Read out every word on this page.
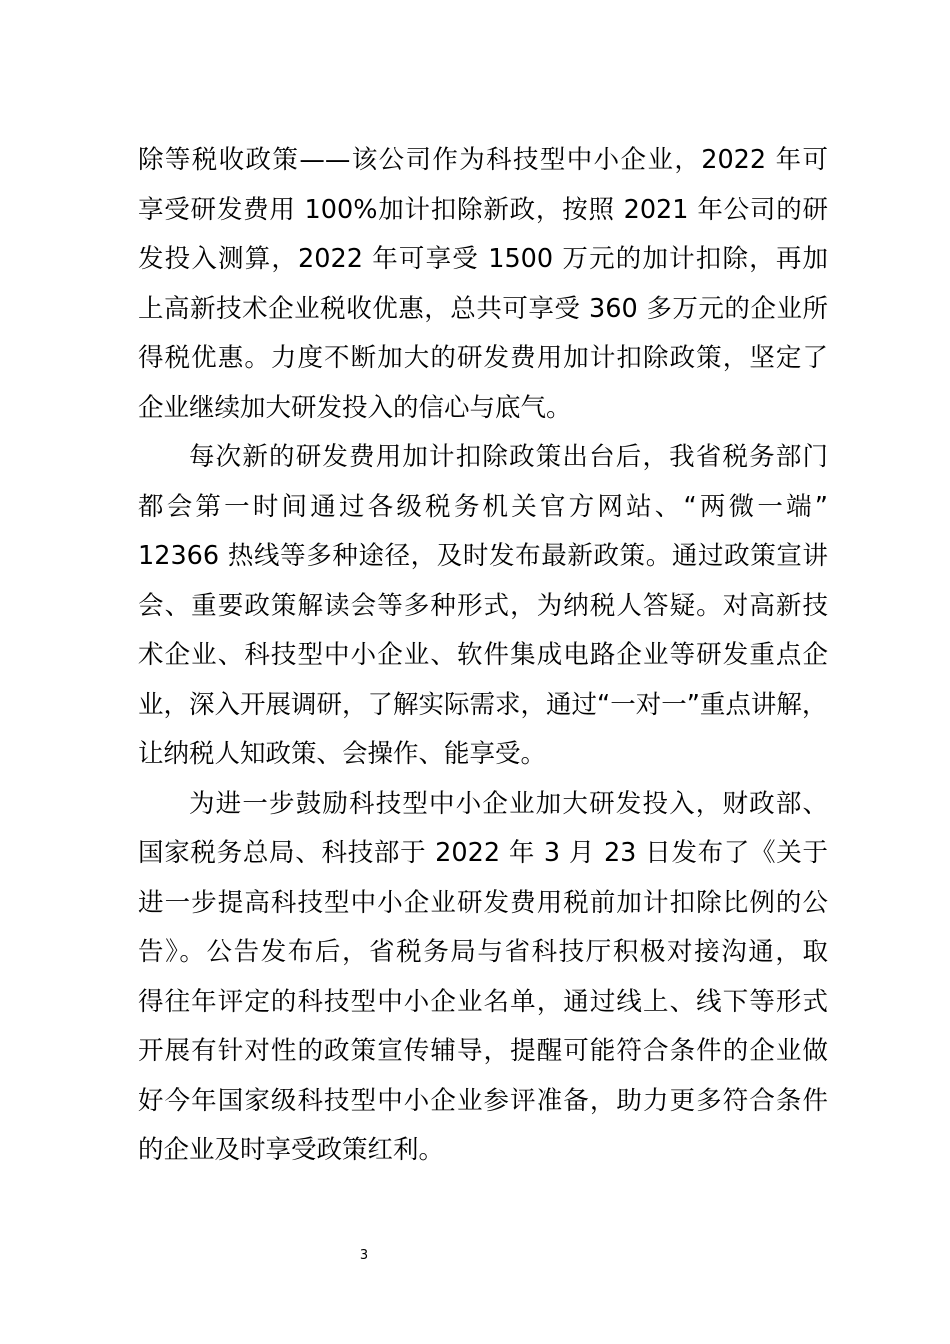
除等税收政策——该公司作为科技型中小企业，2022 年可
享受研发费用 100%加计扣除新政，按照 2021 年公司的研
发投入测算，2022 年可享受 1500 万元的加计扣除，再加
上高新技术企业税收优惠，总共可享受 360 多万元的企业所
得税优惠。力度不断加大的研发费用加计扣除政策，坚定了
企业继续加大研发投入的信心与底气。
每次新的研发费用加计扣除政策出台后，我省税务部门
都会第一时间通过各级税务机关官方网站、“两微一端”
12366 热线等多种途径，及时发布最新政策。通过政策宣讲
会、重要政策解读会等多种形式，为纳税人答疑。对高新技
术企业、科技型中小企业、软件集成电路企业等研发重点企
业，深入开展调研，了解实际需求，通过“一对一”重点讲解，
让纳税人知政策、会操作、能享受。
为进一步鼓励科技型中小企业加大研发投入，财政部、
国家税务总局、科技部于 2022 年 3 月 23 日发布了《关于
进一步提高科技型中小企业研发费用税前加计扣除比例的公
告》。公告发布后，省税务局与省科技厅积极对接沟通，取
得往年评定的科技型中小企业名单，通过线上、线下等形式
开展有针对性的政策宣传辅导，提醒可能符合条件的企业做
好今年国家级科技型中小企业参评准备，助力更多符合条件
的企业及时享受政策红利。
3
